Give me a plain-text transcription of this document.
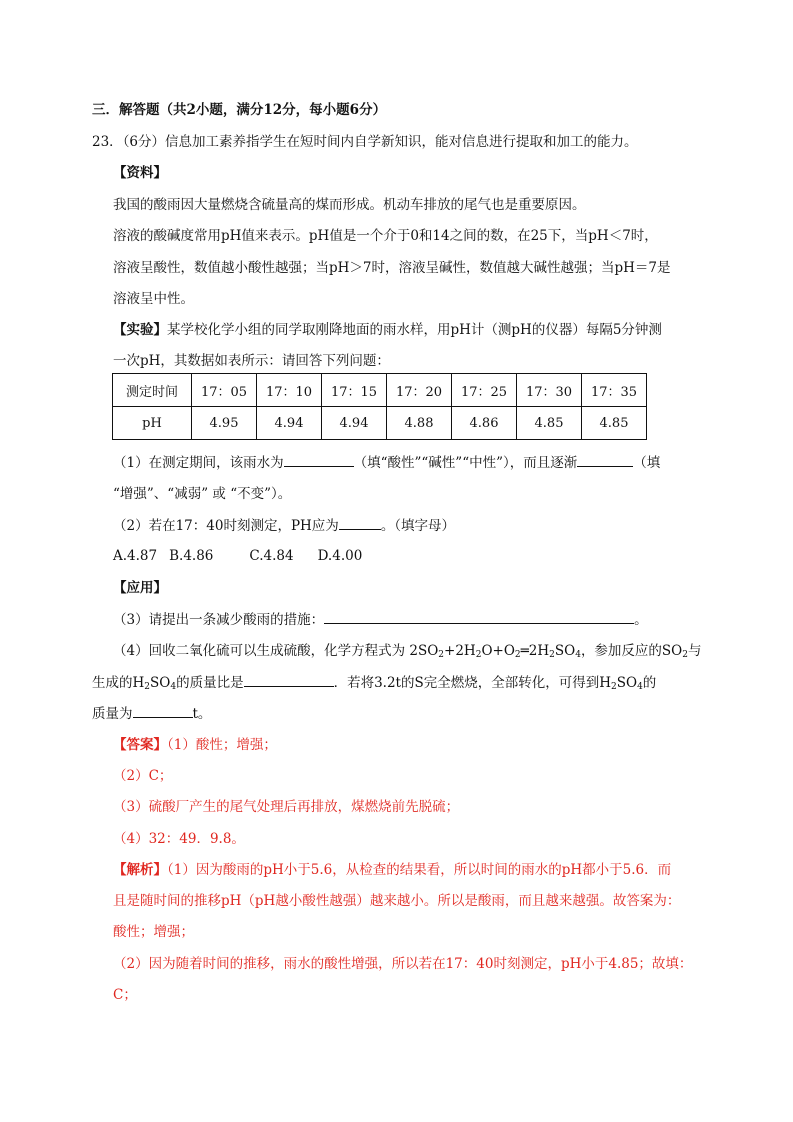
三．解答题（共2小题，满分12分，每小题6分）
23．（6分）信息加工素养指学生在短时间内自学新知识，能对信息进行提取和加工的能力。
【资料】
我国的酸雨因大量燃烧含硫量高的煤而形成。机动车排放的尾气也是重要原因。
溶液的酸碱度常用pH值来表示。pH值是一个介于0和14之间的数，在25下，当pH＜7时，
溶液呈酸性，数值越小酸性越强；当pH＞7时，溶液呈碱性，数值越大碱性越强；当pH＝7是
溶液呈中性。
【实验】某学校化学小组的同学取刚降地面的雨水样，用pH计（测pH的仪器）每隔5分钟测
一次pH，其数据如表所示：请回答下列问题：
测定时间	17：05	17：10	17：15	17：20	17：25	17：30	17：35
pH	4.95	4.94	4.94	4.88	4.86	4.85	4.85
（1）在测定期间，该雨水为	（填“酸性”“碱性”“中性”），而且逐渐	（填
“增强”、“减弱” 或 “不变”）。
（2）若在17：40时刻测定，PH应为	。（填字母）
A.4.87 B.4.86	C.4.84 D.4.00
【应用】
（3）请提出一条减少酸雨的措施：	。
（4）回收二氧化硫可以生成硫酸，化学方程式为 $2SO_2+2H_2O+O_2═2H_2SO_4$，参加反应的$SO_2$与
生成的$H_2SO_4$的质量比是	．若将3.2t的S完全燃烧，全部转化，可得到$H_2SO_4$的
质量为	t。
【答案】（1）酸性；增强；
（2）C；
（3）硫酸厂产生的尾气处理后再排放，煤燃烧前先脱硫；
（4）32：49．9.8。
【解析】（1）因为酸雨的pH小于5.6，从检查的结果看，所以时间的雨水的pH都小于5.6．而
且是随时间的推移pH（pH越小酸性越强）越来越小。所以是酸雨，而且越来越强。故答案为：
酸性；增强；
（2）因为随着时间的推移，雨水的酸性增强，所以若在17：40时刻测定，pH小于4.85；故填：
C；
